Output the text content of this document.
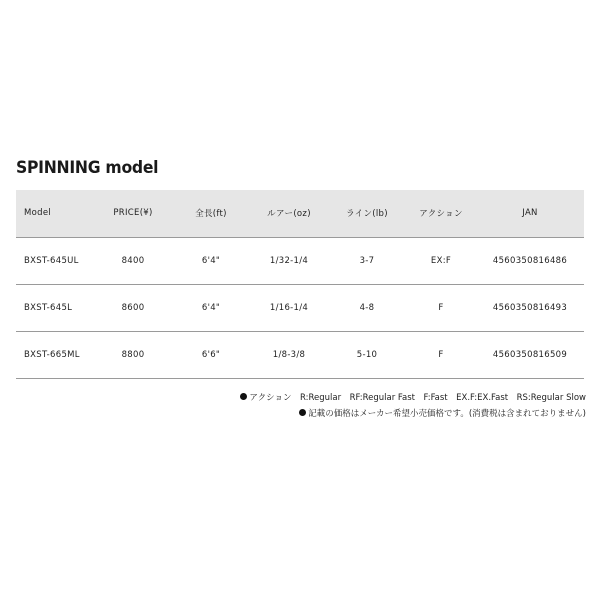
SPINNING model
Model	PRICE(¥)	全長(ft)	ルアー(oz)	ライン(lb)	アクション	JAN
BXST-645UL	8400	6'4"	1/32-1/4	3-7	EX:F	4560350816486
BXST-645L	8600	6'4"	1/16-1/4	4-8	F	4560350816493
BXST-665ML	8800	6'6"	1/8-3/8	5-10	F	4560350816509
アクション　R:Regular　RF:Regular Fast　F:Fast　EX.F:EX.Fast　RS:Regular Slow
記載の価格はメーカー希望小売価格です。(消費税は含まれておりません)
